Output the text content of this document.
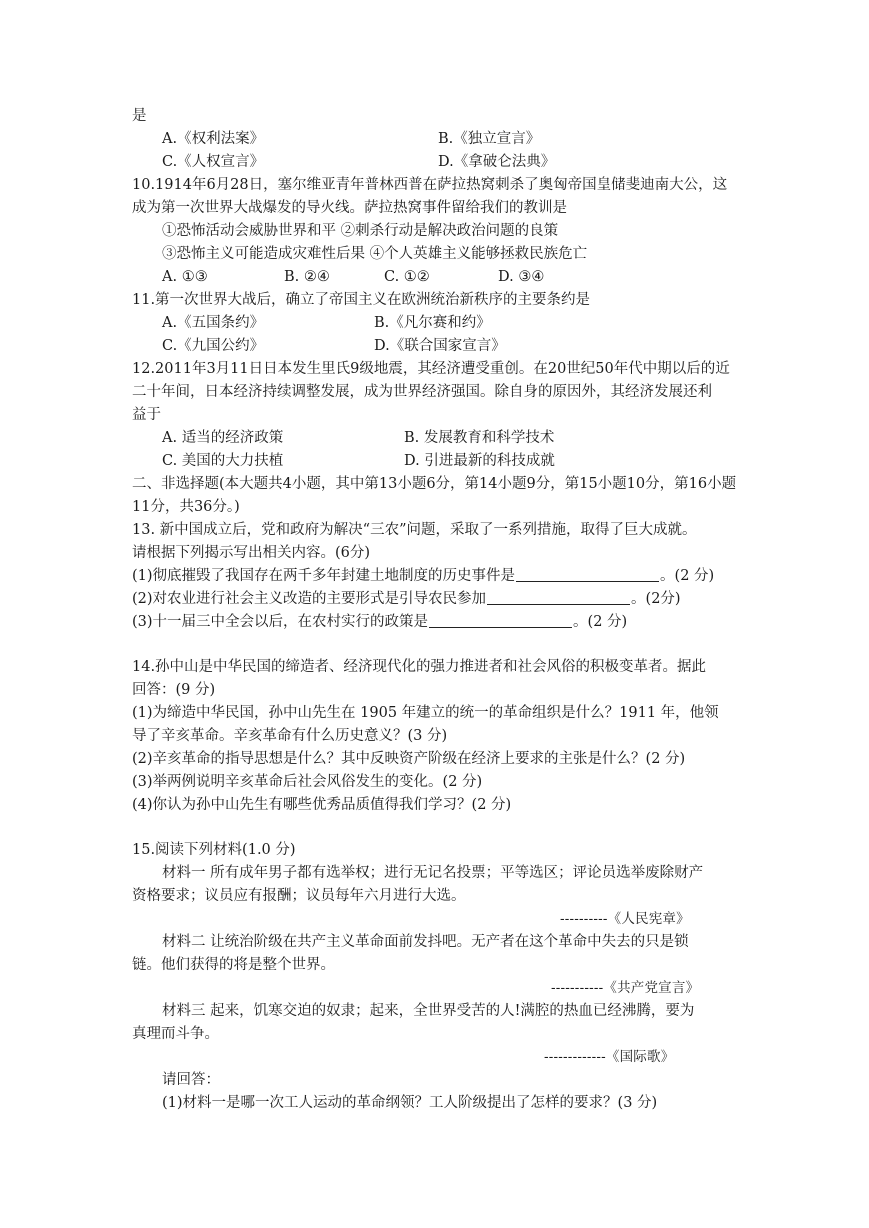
是
A.《权利法案》	B.《独立宣言》
C.《人权宣言》	D.《拿破仑法典》
10.1914年6月28日，塞尔维亚青年普林西普在萨拉热窝刺杀了奥匈帝国皇储斐迪南大公，这
成为第一次世界大战爆发的导火线。萨拉热窝事件留给我们的教训是
①恐怖活动会威胁世界和平 ②刺杀行动是解决政治问题的良策
③恐怖主义可能造成灾难性后果 ④个人英雄主义能够拯救民族危亡
A. ①③	B. ②④	C. ①②	D. ③④
11.第一次世界大战后，确立了帝国主义在欧洲统治新秩序的主要条约是
A.《五国条约》	B.《凡尔赛和约》
C.《九国公约》	D.《联合国家宣言》
12.2011年3月11日日本发生里氏9级地震，其经济遭受重创。在20世纪50年代中期以后的近
二十年间，日本经济持续调整发展，成为世界经济强国。除自身的原因外，其经济发展还利
益于
A. 适当的经济政策	B. 发展教育和科学技术
C. 美国的大力扶植	D. 引进最新的科技成就
二、非选择题(本大题共4小题，其中第13小题6分，第14小题9分，第15小题10分，第16小题
11分，共36分。)
13. 新中国成立后，党和政府为解决“三农”问题，采取了一系列措施，取得了巨大成就。
请根据下列揭示写出相关内容。(6分)
(1)彻底摧毁了我国存在两千多年封建土地制度的历史事件是	。(2 分)
(2)对农业进行社会主义改造的主要形式是引导农民参加	。(2分)
(3)十一届三中全会以后，在农村实行的政策是	。(2 分)
14.孙中山是中华民国的缔造者、经济现代化的强力推进者和社会风俗的积极变革者。据此
回答：(9 分)
(1)为缔造中华民国，孙中山先生在 1905 年建立的统一的革命组织是什么？1911 年，他领
导了辛亥革命。辛亥革命有什么历史意义？(3 分)
(2)辛亥革命的指导思想是什么？其中反映资产阶级在经济上要求的主张是什么？(2 分)
(3)举两例说明辛亥革命后社会风俗发生的变化。(2 分)
(4)你认为孙中山先生有哪些优秀品质值得我们学习？(2 分)
15.阅读下列材料(1.0 分)
材料一 所有成年男子都有选举权；进行无记名投票；平等选区；评论员选举废除财产
资格要求；议员应有报酬；议员每年六月进行大选。
----------《人民宪章》
材料二 让统治阶级在共产主义革命面前发抖吧。无产者在这个革命中失去的只是锁
链。他们获得的将是整个世界。
-----------《共产党宣言》
材料三 起来，饥寒交迫的奴隶；起来，全世界受苦的人!满腔的热血已经沸腾，要为
真理而斗争。
-------------《国际歌》
请回答：
(1)材料一是哪一次工人运动的革命纲领？工人阶级提出了怎样的要求？(3 分)
